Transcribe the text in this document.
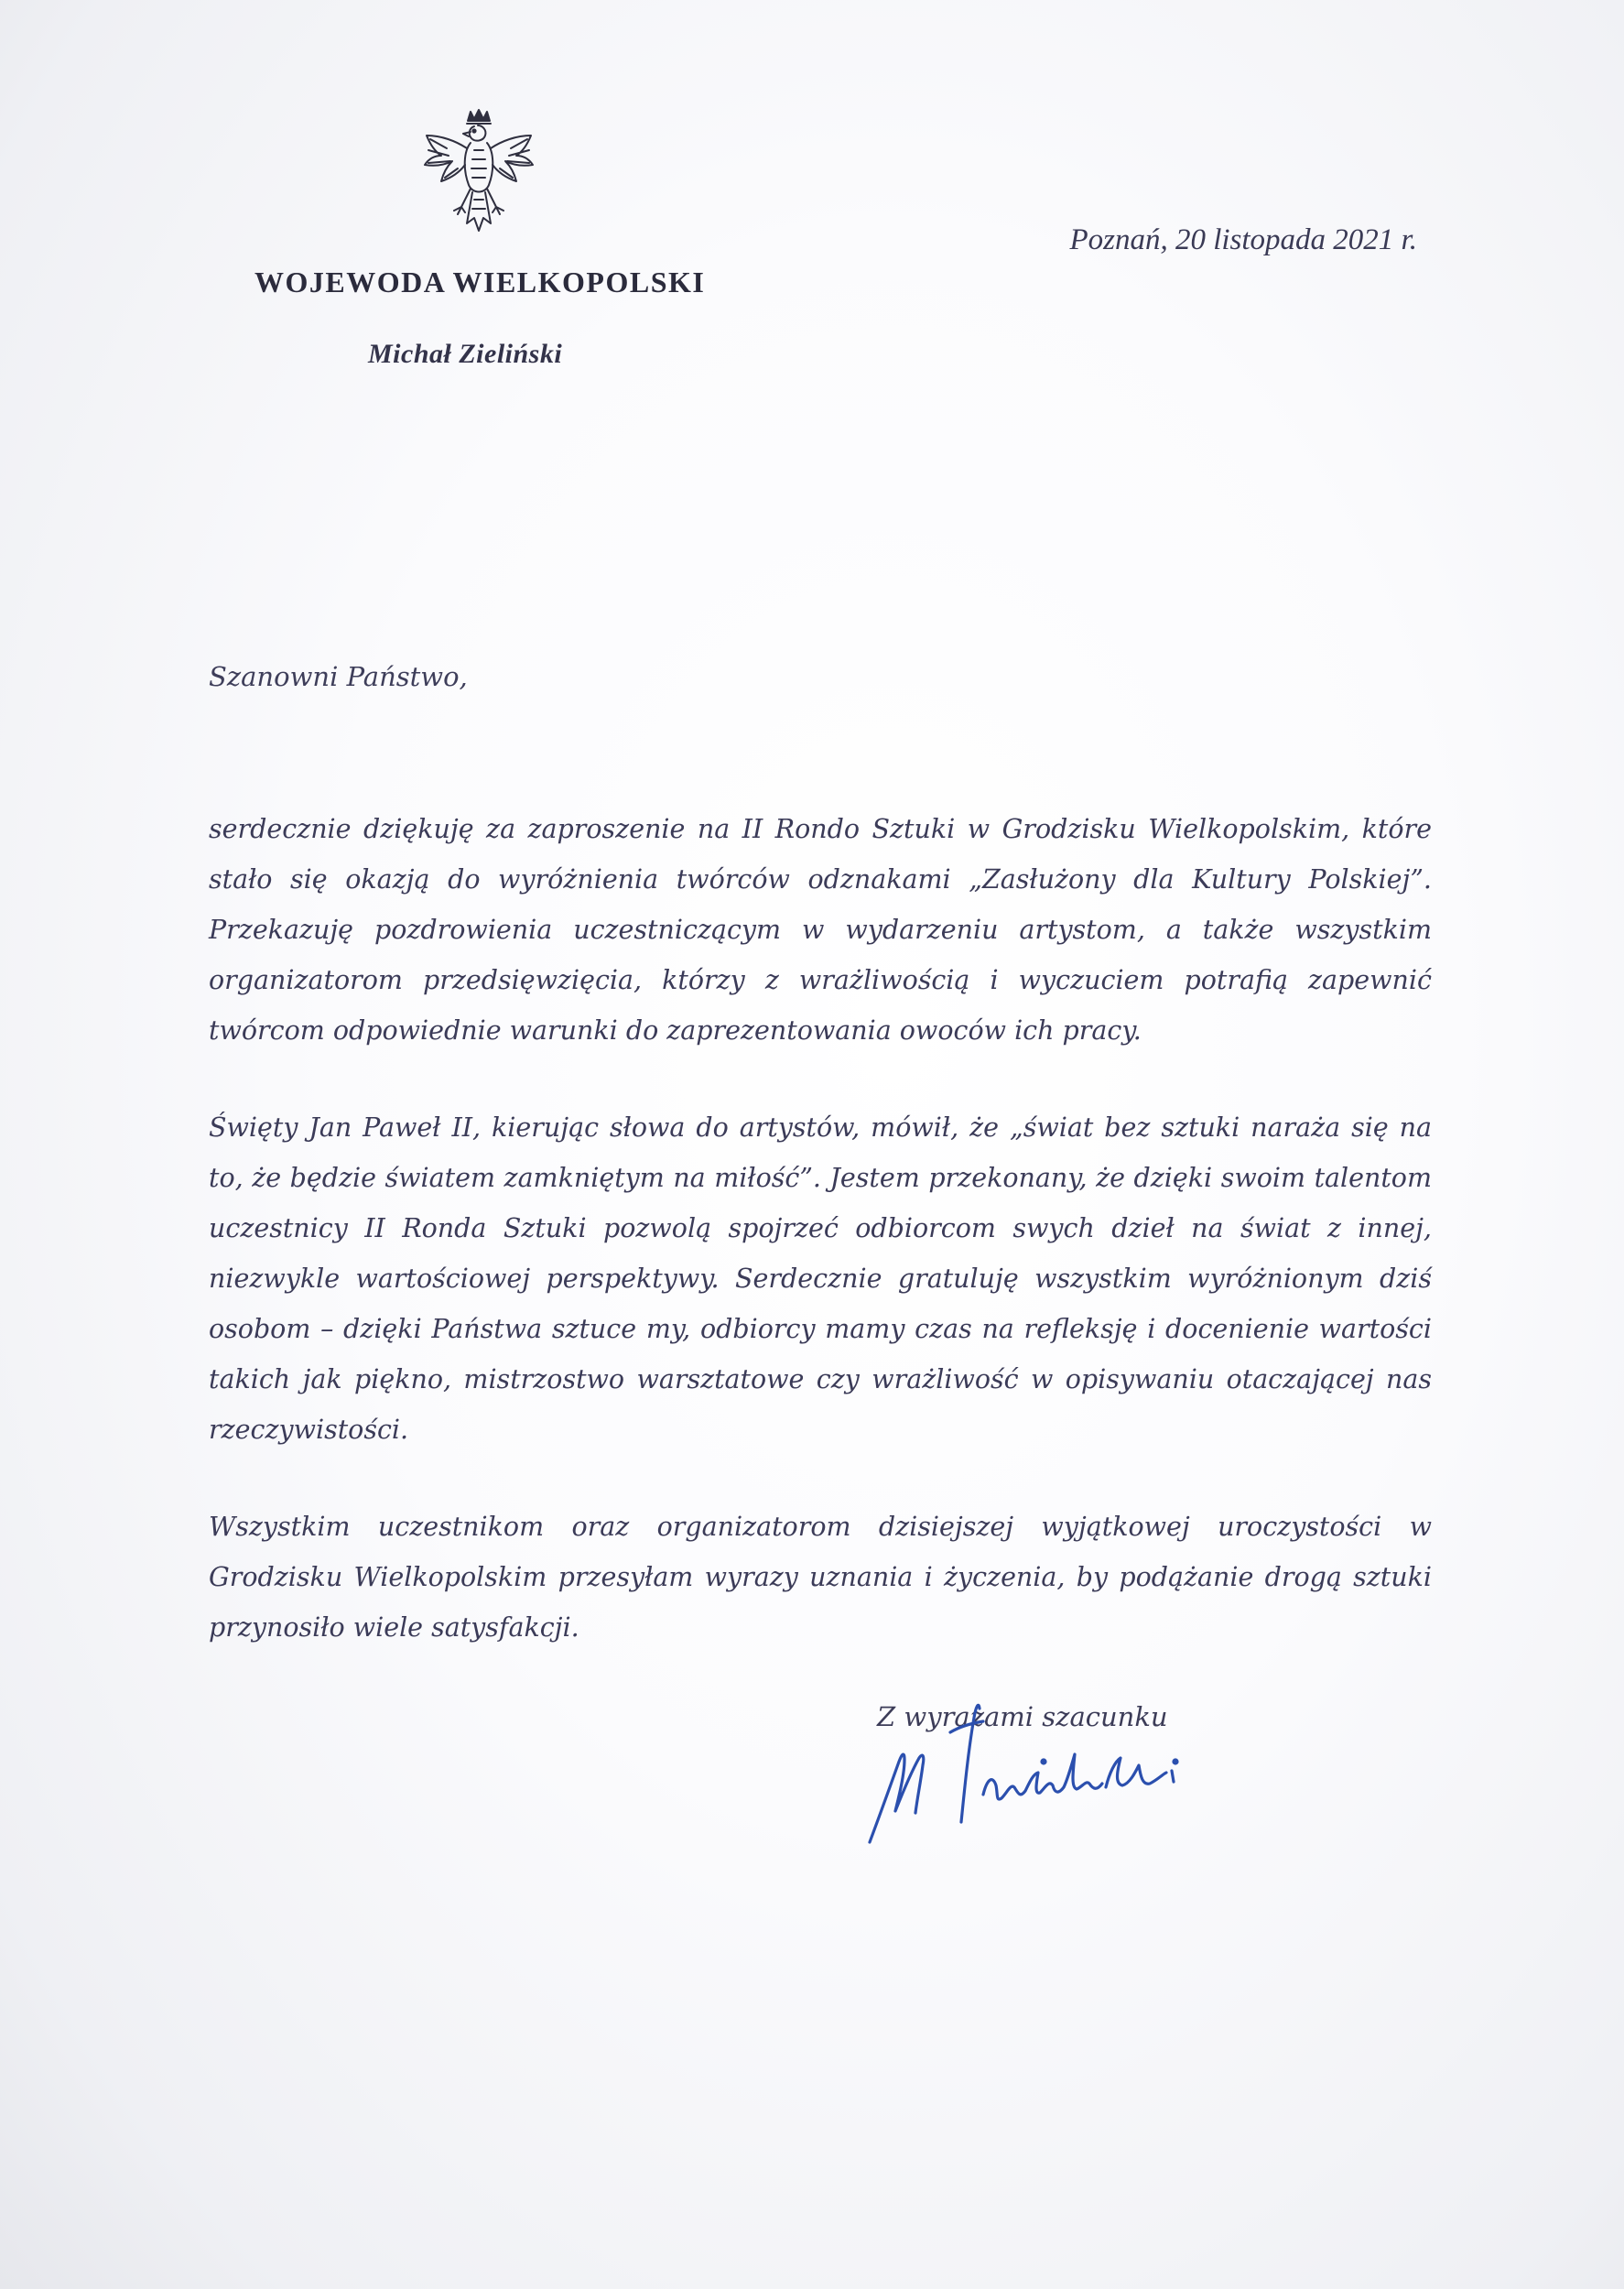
WOJEWODA WIELKOPOLSKI
Michał Zieliński
Poznań, 20 listopada 2021 r.
Szanowni Państwo,

serdecznie dziękuję za zaproszenie na II Rondo Sztuki w Grodzisku Wielkopolskim, które stało się okazją do wyróżnienia twórców odznakami „Zasłużony dla Kultury Polskiej”. Przekazuję pozdrowienia uczestniczącym w wydarzeniu artystom, a także wszystkim organizatorom przedsięwzięcia, którzy z wrażliwością i wyczuciem potrafią zapewnić twórcom odpowiednie warunki do zaprezentowania owoców ich pracy.

Święty Jan Paweł II, kierując słowa do artystów, mówił, że „świat bez sztuki naraża się na to, że będzie światem zamkniętym na miłość”. Jestem przekonany, że dzięki swoim talentom uczestnicy II Ronda Sztuki pozwolą spojrzeć odbiorcom swych dzieł na świat z innej, niezwykle wartościowej perspektywy. Serdecznie gratuluję wszystkim wyróżnionym dziś osobom – dzięki Państwa sztuce my, odbiorcy mamy czas na refleksję i docenienie wartości takich jak piękno, mistrzostwo warsztatowe czy wrażliwość w opisywaniu otaczającej nas rzeczywistości.

Wszystkim uczestnikom oraz organizatorom dzisiejszej wyjątkowej uroczystości w Grodzisku Wielkopolskim przesyłam wyrazy uznania i życzenia, by podążanie drogą sztuki przynosiło wiele satysfakcji.

Z wyrazami szacunku
